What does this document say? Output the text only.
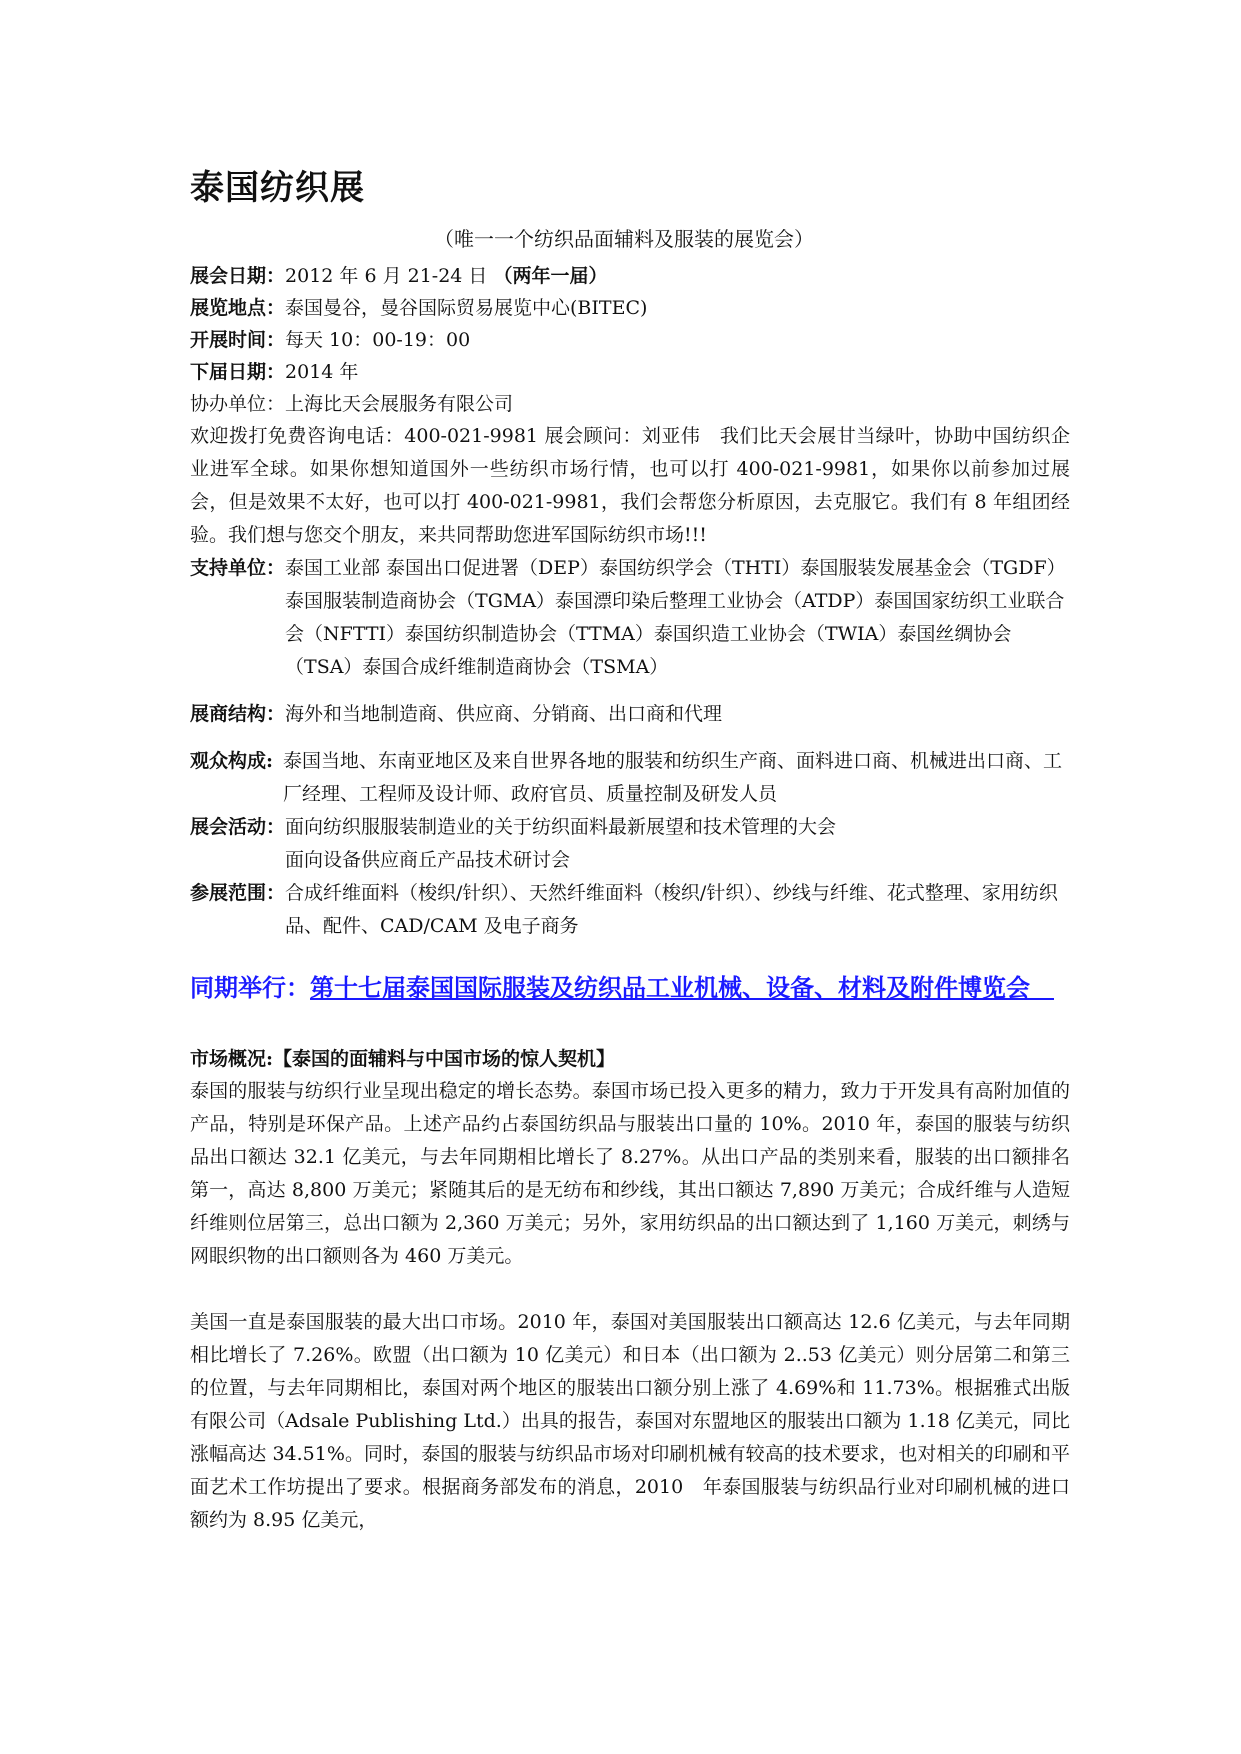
泰国纺织展
（唯一一个纺织品面辅料及服装的展览会）
展会日期：2012 年 6 月 21-24 日 （两年一届）
展览地点：泰国曼谷，曼谷国际贸易展览中心(BITEC)
开展时间：每天 10：00-19：00
下届日期：2014 年
协办单位：上海比天会展服务有限公司
欢迎拨打免费咨询电话：400-021-9981 展会顾问：刘亚伟　我们比天会展甘当绿叶，协助中国纺织企业进军全球。如果你想知道国外一些纺织市场行情，也可以打 400-021-9981，如果你以前参加过展会，但是效果不太好，也可以打 400-021-9981，我们会帮您分析原因，去克服它。我们有 8 年组团经验。我们想与您交个朋友，来共同帮助您进军国际纺织市场!!!
支持单位： 泰国工业部 泰国出口促进署（DEP）泰国纺织学会（THTI）泰国服装发展基金会（TGDF）泰国服装制造商协会（TGMA）泰国漂印染后整理工业协会（ATDP）泰国国家纺织工业联合会（NFTTI）泰国纺织制造协会（TTMA）泰国织造工业协会（TWIA）泰国丝绸协会（TSA）泰国合成纤维制造商协会（TSMA）
展商结构： 海外和当地制造商、供应商、分销商、出口商和代理
观众构成: 泰国当地、东南亚地区及来自世界各地的服装和纺织生产商、面料进口商、机械进出口商、工厂经理、工程师及设计师、政府官员、质量控制及研发人员
展会活动： 面向纺织服服装制造业的关于纺织面料最新展望和技术管理的大会
面向设备供应商丘产品技术研讨会
参展范围： 合成纤维面料（梭织/针织）、天然纤维面料（梭织/针织）、纱线与纤维、花式整理、家用纺织品、配件、CAD/CAM 及电子商务
同期举行：第十七届泰国国际服装及纺织品工业机械、设备、材料及附件博览会　
市场概况:【泰国的面辅料与中国市场的惊人契机】
泰国的服装与纺织行业呈现出稳定的增长态势。泰国市场已投入更多的精力，致力于开发具有高附加值的产品，特别是环保产品。上述产品约占泰国纺织品与服装出口量的 10%。2010 年，泰国的服装与纺织品出口额达 32.1 亿美元，与去年同期相比增长了 8.27%。从出口产品的类别来看，服装的出口额排名第一，高达 8,800 万美元；紧随其后的是无纺布和纱线，其出口额达 7,890 万美元；合成纤维与人造短纤维则位居第三，总出口额为 2,360 万美元；另外，家用纺织品的出口额达到了 1,160 万美元，刺绣与网眼织物的出口额则各为 460 万美元。
美国一直是泰国服装的最大出口市场。2010 年，泰国对美国服装出口额高达 12.6 亿美元，与去年同期相比增长了 7.26%。欧盟（出口额为 10 亿美元）和日本（出口额为 2..53 亿美元）则分居第二和第三的位置，与去年同期相比，泰国对两个地区的服装出口额分别上涨了 4.69%和 11.73%。根据雅式出版有限公司（Adsale Publishing Ltd.）出具的报告，泰国对东盟地区的服装出口额为 1.18 亿美元，同比涨幅高达 34.51%。同时，泰国的服装与纺织品市场对印刷机械有较高的技术要求，也对相关的印刷和平面艺术工作坊提出了要求。根据商务部发布的消息，2010　年泰国服装与纺织品行业对印刷机械的进口额约为 8.95 亿美元，
